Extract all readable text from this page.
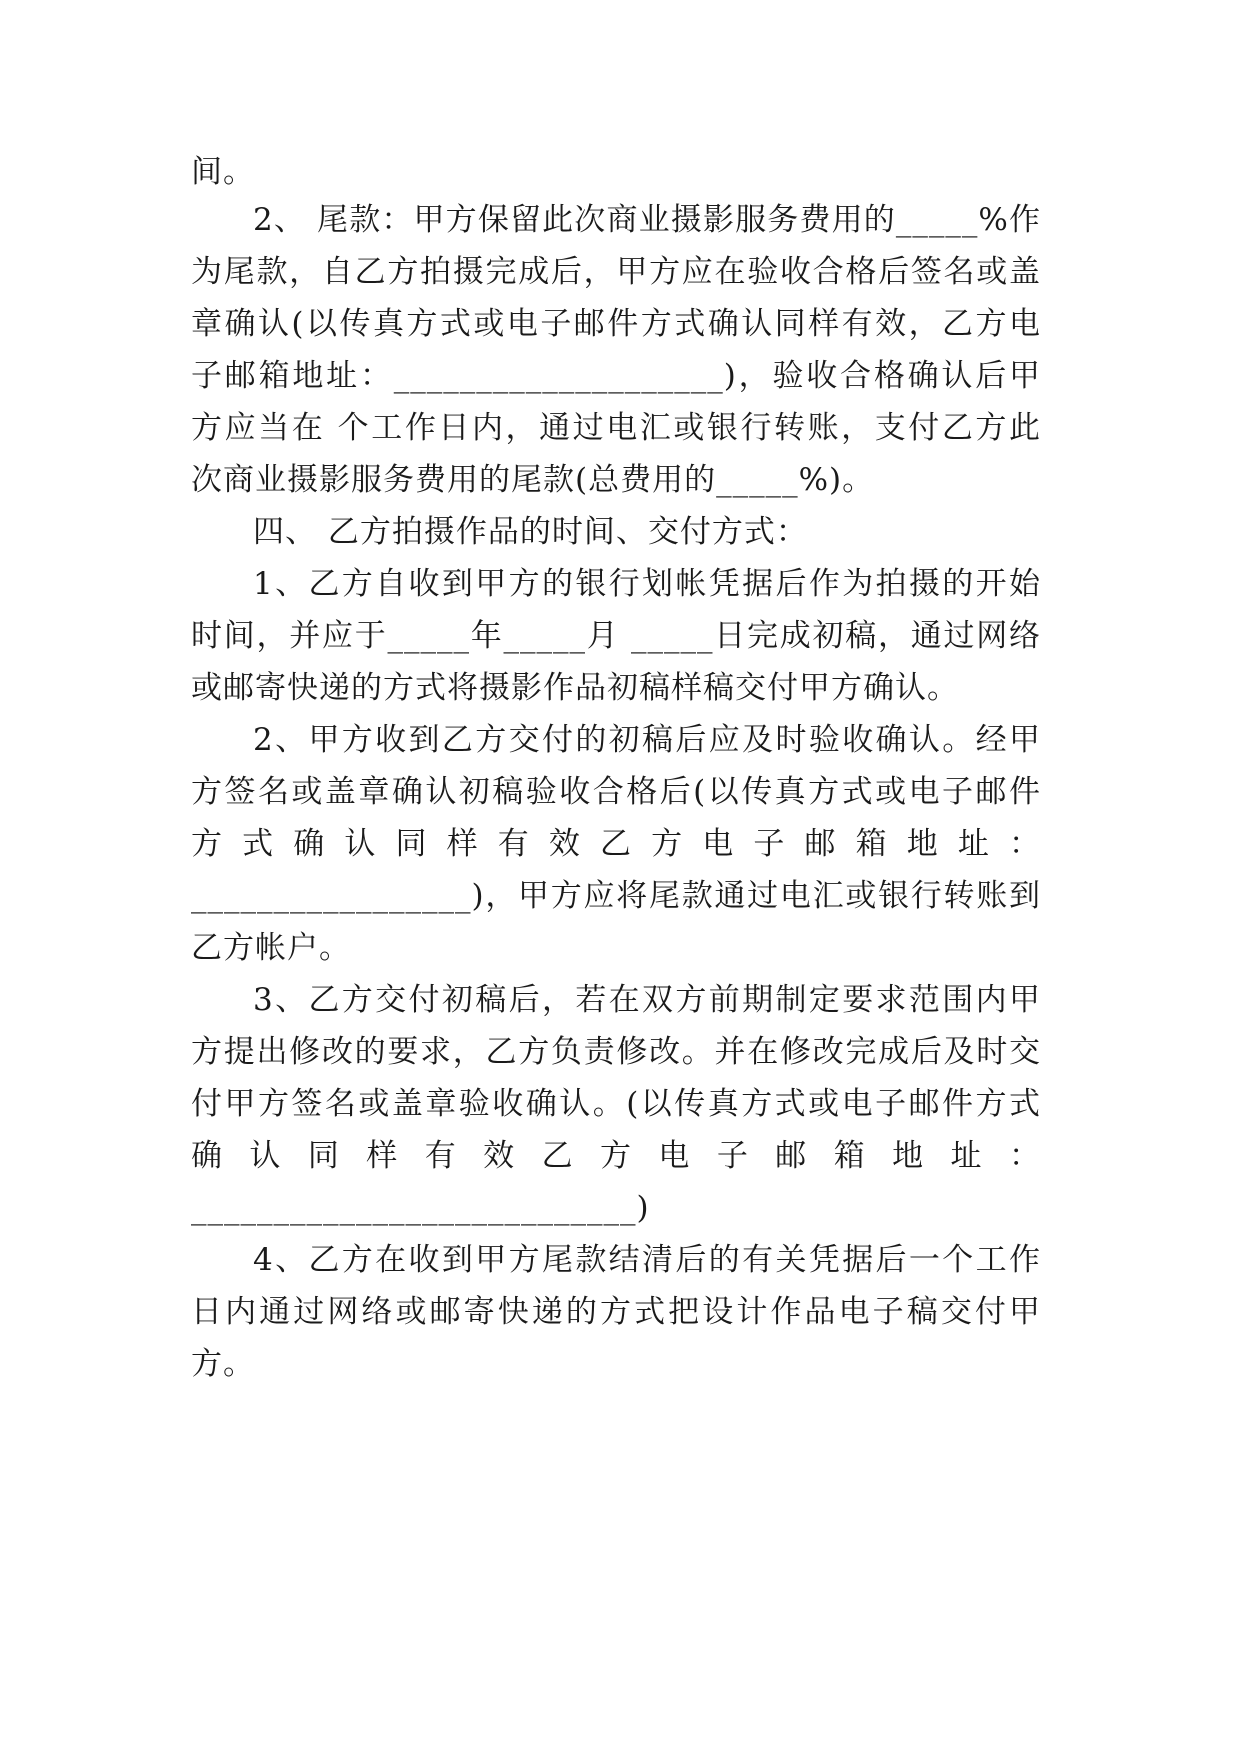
间。
2、 尾款：甲方保留此次商业摄影服务费用的_____%作
为尾款，自乙方拍摄完成后，甲方应在验收合格后签名或盖
章确认(以传真方式或电子邮件方式确认同样有效，乙方电
子邮箱地址：____________________)，验收合格确认后甲
方应当在 个工作日内，通过电汇或银行转账，支付乙方此
次商业摄影服务费用的尾款(总费用的_____%)。
四、 乙方拍摄作品的时间、交付方式：
1、乙方自收到甲方的银行划帐凭据后作为拍摄的开始
时间，并应于_____年_____月 _____日完成初稿，通过网络
或邮寄快递的方式将摄影作品初稿样稿交付甲方确认。
2、甲方收到乙方交付的初稿后应及时验收确认。经甲
方签名或盖章确认初稿验收合格后(以传真方式或电子邮件
方 式 确 认 同 样 有 效 乙 方 电 子 邮 箱 地 址 ：
_________________)，甲方应将尾款通过电汇或银行转账到
乙方帐户。
3、乙方交付初稿后，若在双方前期制定要求范围内甲
方提出修改的要求，乙方负责修改。并在修改完成后及时交
付甲方签名或盖章验收确认。(以传真方式或电子邮件方式
确 认 同 样 有 效 乙 方 电 子 邮 箱 地 址 ：
___________________________)
4、乙方在收到甲方尾款结清后的有关凭据后一个工作
日内通过网络或邮寄快递的方式把设计作品电子稿交付甲
方。
